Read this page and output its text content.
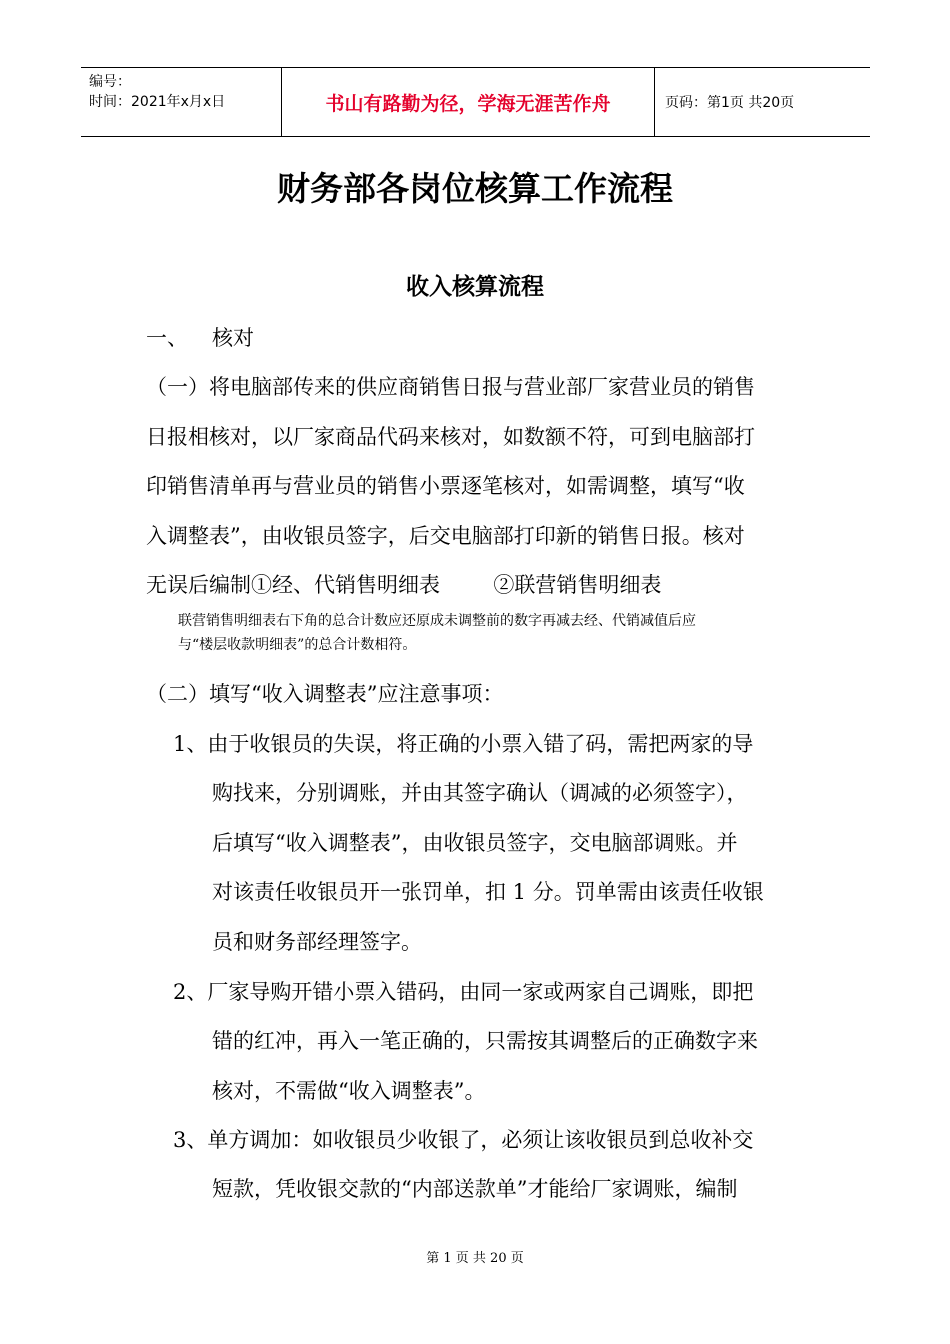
编号：
时间：2021年x月x日	书山有路勤为径，学海无涯苦作舟	页码：第1页 共20页
财务部各岗位核算工作流程
收入核算流程
一、 核对
（一）将电脑部传来的供应商销售日报与营业部厂家营业员的销售
日报相核对，以厂家商品代码来核对，如数额不符，可到电脑部打
印销售清单再与营业员的销售小票逐笔核对，如需调整，填写“收
入调整表”，由收银员签字，后交电脑部打印新的销售日报。核对
无误后编制①经、代销售明细表        ②联营销售明细表
联营销售明细表右下角的总合计数应还原成未调整前的数字再减去经、代销减值后应
与“楼层收款明细表”的总合计数相符。
（二）填写“收入调整表”应注意事项：
1、由于收银员的失误，将正确的小票入错了码，需把两家的导
购找来，分别调账，并由其签字确认（调减的必须签字），
后填写“收入调整表”，由收银员签字，交电脑部调账。并
对该责任收银员开一张罚单，扣 1 分。罚单需由该责任收银
员和财务部经理签字。
2、厂家导购开错小票入错码，由同一家或两家自己调账，即把
错的红冲，再入一笔正确的，只需按其调整后的正确数字来
核对，不需做“收入调整表”。
3、单方调加：如收银员少收银了，必须让该收银员到总收补交
短款，凭收银交款的“内部送款单”才能给厂家调账，编制
第 1 页 共 20 页
